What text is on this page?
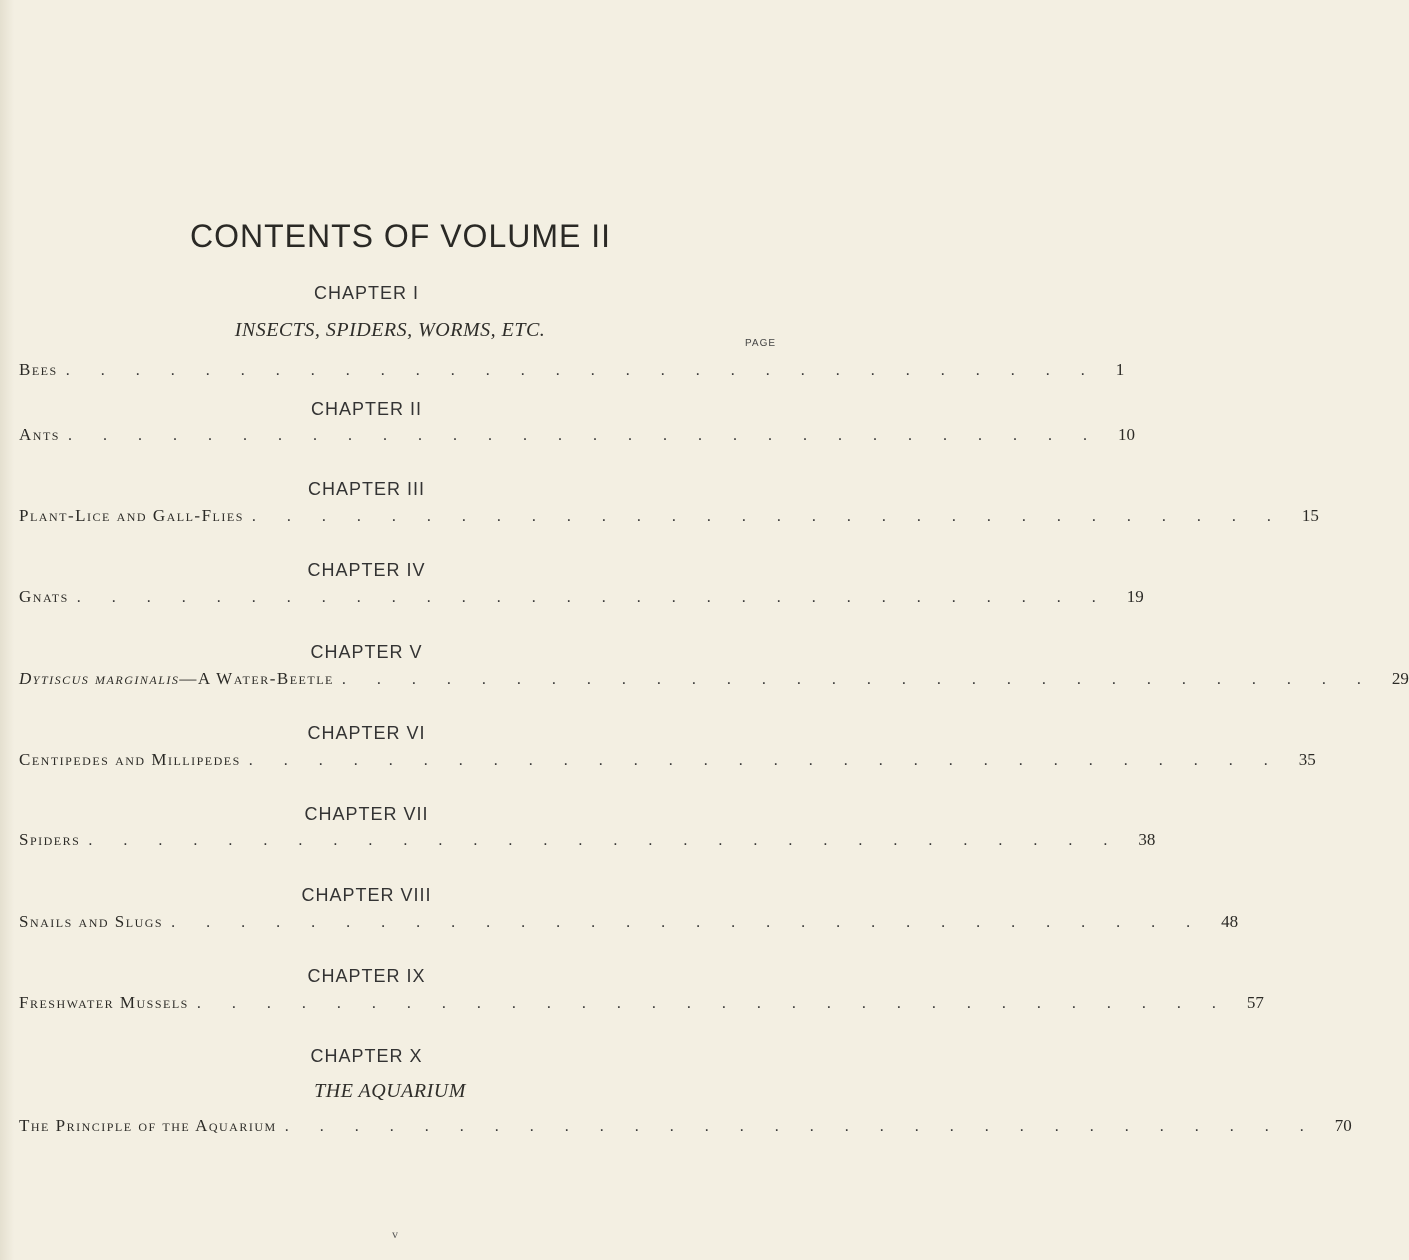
CONTENTS OF VOLUME II
CHAPTER I
INSECTS, SPIDERS, WORMS, ETC.
PAGE
Bees .............................. 1
CHAPTER II
Ants .............................. 10
CHAPTER III
Plant-Lice and Gall-Flies .............................. 15
CHAPTER IV
Gnats .............................. 19
CHAPTER V
Dytiscus marginalis—A Water-Beetle .............................. 29
CHAPTER VI
Centipedes and Millipedes .............................. 35
CHAPTER VII
Spiders .............................. 38
CHAPTER VIII
Snails and Slugs .............................. 48
CHAPTER IX
Freshwater Mussels .............................. 57
CHAPTER X
THE AQUARIUM
The Principle of the Aquarium .............................. 70
v
